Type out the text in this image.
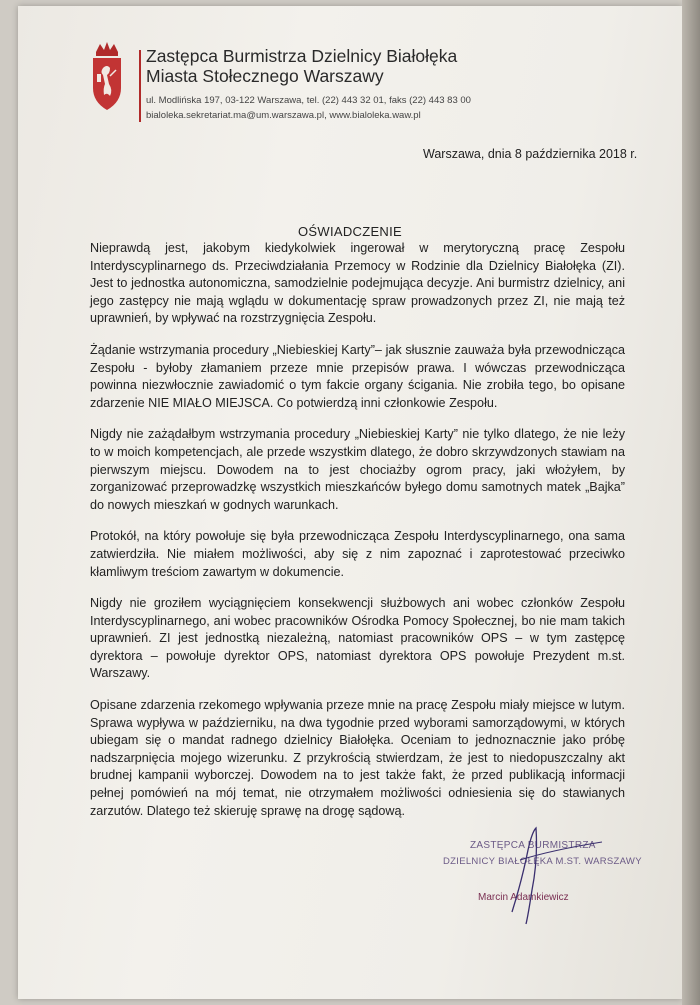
Zastępca Burmistrza Dzielnicy Białołęka
Miasta Stołecznego Warszawy
ul. Modlińska 197, 03-122 Warszawa, tel. (22) 443 32 01, faks (22) 443 83 00
bialoleka.sekretariat.ma@um.warszawa.pl, www.bialoleka.waw.pl
Warszawa, dnia 8 października 2018 r.
OŚWIADCZENIE

Nieprawdą jest, jakobym kiedykolwiek ingerował w merytoryczną pracę Zespołu Interdyscyplinarnego ds. Przeciwdziałania Przemocy w Rodzinie dla Dzielnicy Białołęka (ZI). Jest to jednostka autonomiczna, samodzielnie podejmująca decyzje. Ani burmistrz dzielnicy, ani jego zastępcy nie mają wglądu w dokumentację spraw prowadzonych przez ZI, nie mają też uprawnień, by wpływać na rozstrzygnięcia Zespołu.

Żądanie wstrzymania procedury „Niebieskiej Karty”– jak słusznie zauważa była przewodnicząca Zespołu - byłoby złamaniem przeze mnie przepisów prawa. I wówczas przewodnicząca powinna niezwłocznie zawiadomić o tym fakcie organy ścigania. Nie zrobiła tego, bo opisane zdarzenie NIE MIAŁO MIEJSCA. Co potwierdzą inni członkowie Zespołu.

Nigdy nie zażądałbym wstrzymania procedury „Niebieskiej Karty” nie tylko dlatego, że nie leży to w moich kompetencjach, ale przede wszystkim dlatego, że dobro skrzywdzonych stawiam na pierwszym miejscu. Dowodem na to jest chociażby ogrom pracy, jaki włożyłem, by zorganizować przeprowadzkę wszystkich mieszkańców byłego domu samotnych matek „Bajka” do nowych mieszkań w godnych warunkach.

Protokół, na który powołuje się była przewodnicząca Zespołu Interdyscyplinarnego, ona sama zatwierdziła. Nie miałem możliwości, aby się z nim zapoznać i zaprotestować przeciwko kłamliwym treściom zawartym w dokumencie.

Nigdy nie groziłem wyciągnięciem konsekwencji służbowych ani wobec członków Zespołu Interdyscyplinarnego, ani wobec pracowników Ośrodka Pomocy Społecznej, bo nie mam takich uprawnień. ZI jest jednostką niezależną, natomiast pracowników OPS – w tym zastępcę dyrektora – powołuje dyrektor OPS, natomiast dyrektora OPS powołuje Prezydent m.st. Warszawy.

Opisane zdarzenia rzekomego wpływania przeze mnie na pracę Zespołu miały miejsce w lutym. Sprawa wypływa w październiku, na dwa tygodnie przed wyborami samorządowymi, w których ubiegam się o mandat radnego dzielnicy Białołęka. Oceniam to jednoznacznie jako próbę nadszarpnięcia mojego wizerunku. Z przykrością stwierdzam, że jest to niedopuszczalny akt brudnej kampanii wyborczej. Dowodem na to jest także fakt, że przed publikacją informacji pełnej pomówień na mój temat, nie otrzymałem możliwości odniesienia się do stawianych zarzutów. Dlatego też skieruję sprawę na drogę sądową.

ZASTĘPCA BURMISTRZA
DZIELNICY BIAŁOŁĘKA M.ST. WARSZAWY
Marcin Adamkiewicz
